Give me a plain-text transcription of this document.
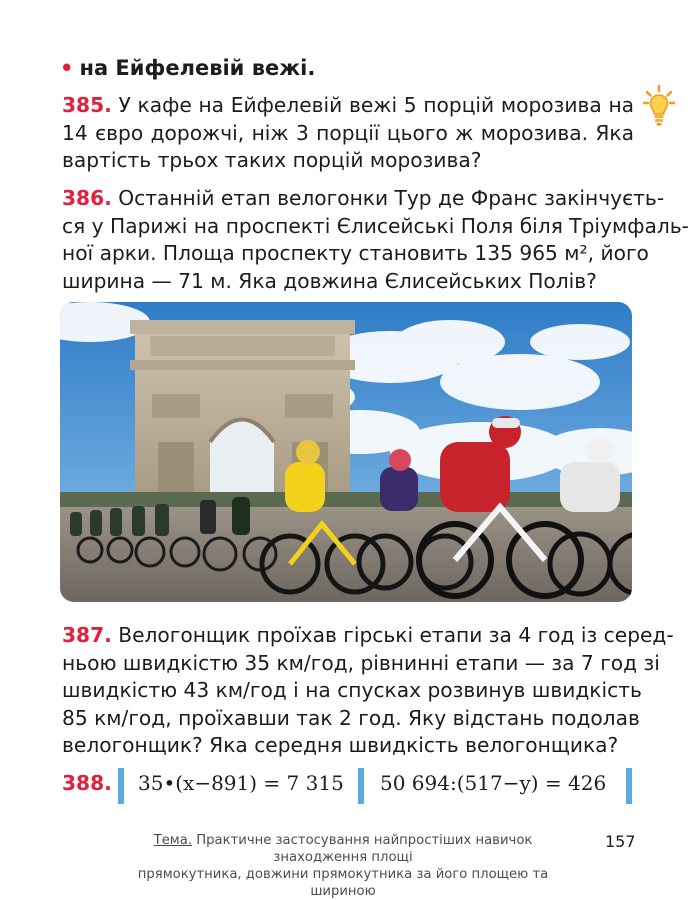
• на Ейфелевій вежі.
385. У кафе на Ейфелевій вежі 5 порцій морозива на
14 євро дорожчі, ніж 3 порції цього ж морозива. Яка
вартість трьох таких порцій морозива?
386. Останній етап велогонки Тур де Франс закінчуєть-
ся у Парижі на проспекті Єлисейські Поля біля Тріумфаль-
ної арки. Площа проспекту становить 135 965 м², його
ширина — 71 м. Яка довжина Єлисейських Полів?
387. Велогонщик проїхав гірські етапи за 4 год із серед-
ньою швидкістю 35 км/год, рівнинні етапи — за 7 год зі
швидкістю 43 км/год і на спусках розвинув швидкість
85 км/год, проїхавши так 2 год. Яку відстань подолав
велогонщик? Яка середня швидкість велогонщика?
388. 35•(x−891) = 7 315 50 694:(517−y) = 426
Тема. Практичне застосування найпростіших навичок знаходження площі
прямокутника, довжини прямокутника за його площею та шириною
157
